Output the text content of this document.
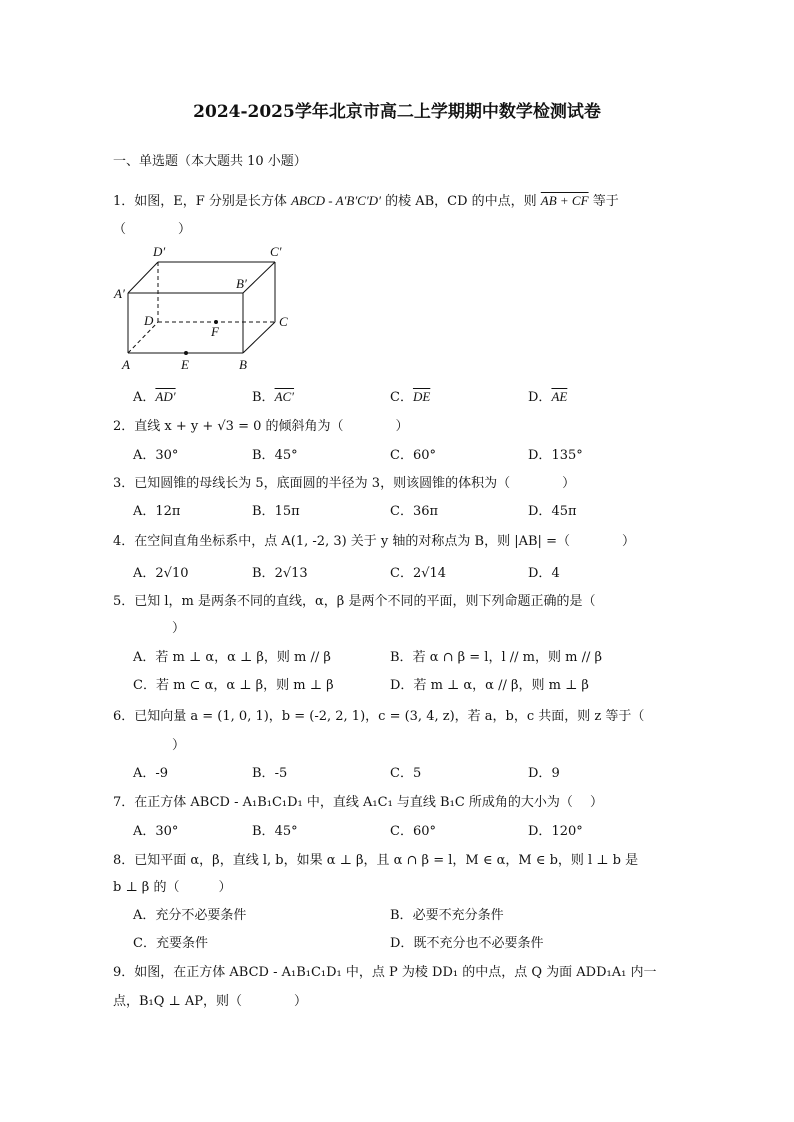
2024-2025学年北京市高二上学期期中数学检测试卷
一、单选题（本大题共 10 小题）
1．如图，E，F 分别是长方体 ABCD - A′B′C′D′ 的棱 AB，CD 的中点，则 AB + CF 等于
（　　　　）
D′	C′
A′
B′
D
F
C
A	E	B
A．AD′	B．AC′	C．$\overline{DE}$	D．$\overline{AE}$
2．直线 x + y + √3 = 0 的倾斜角为（　　　　）
A．30°	B．45°	C．60°	D．135°
3．已知圆锥的母线长为 5，底面圆的半径为 3，则该圆锥的体积为（　　　　）
A．12π	B．15π	C．36π	D．45π
4．在空间直角坐标系中，点 A(1, -2, 3) 关于 y 轴的对称点为 B，则 |AB| =（　　　　）
A．2√10	B．2√13	C．2√14	D．4
5．已知 l，m 是两条不同的直线，α，β 是两个不同的平面，则下列命题正确的是（
）
A．若 m ⊥ α，α ⊥ β，则 m // β	B．若 α ∩ β = l，l // m，则 m // β
C．若 m ⊂ α，α ⊥ β，则 m ⊥ β	D．若 m ⊥ α，α // β，则 m ⊥ β
6．已知向量 a = (1, 0, 1)，b = (-2, 2, 1)，c = (3, 4, z)，若 a，b，c 共面，则 z 等于（
）
A．-9	B．-5	C．5	D．9
7．在正方体 ABCD - A₁B₁C₁D₁ 中，直线 A₁C₁ 与直线 B₁C 所成角的大小为（　 ）
A．30°	B．45°	C．60°	D．120°
8．已知平面 α，β，直线 l, b，如果 α ⊥ β，且 α ∩ β = l，M ∈ α，M ∈ b，则 l ⊥ b 是
b ⊥ β 的（　　　）
A．充分不必要条件	B．必要不充分条件
C．充要条件	D．既不充分也不必要条件
9．如图，在正方体 ABCD - A₁B₁C₁D₁ 中，点 P 为棱 DD₁ 的中点，点 Q 为面 ADD₁A₁ 内一
点，B₁Q ⊥ AP，则（　　　　）
